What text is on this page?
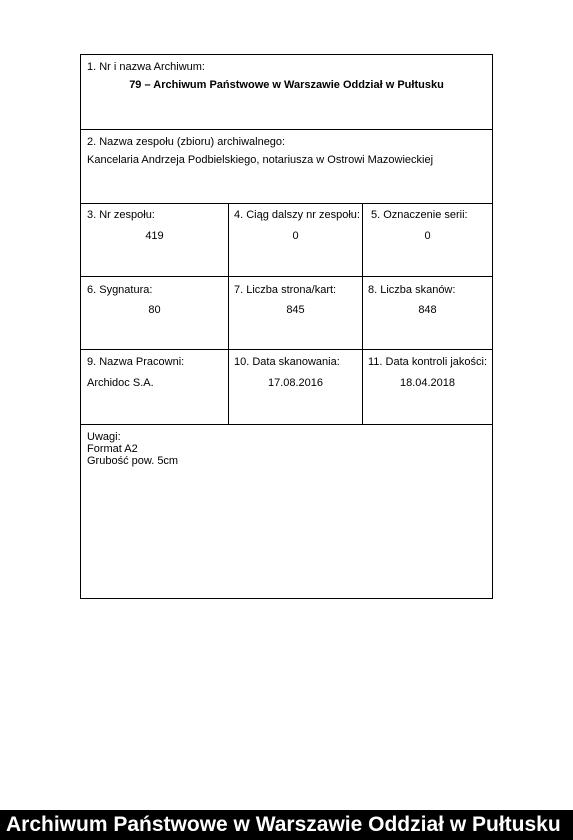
1. Nr i nazwa Archiwum:
79 – Archiwum Państwowe w Warszawie Oddział w Pułtusku
2. Nazwa zespołu (zbioru) archiwalnego:
Kancelaria Andrzeja Podbielskiego, notariusza w Ostrowi Mazowieckiej
3. Nr zespołu:
419
4. Ciąg dalszy nr zespołu:
0
5. Oznaczenie serii:
0
6. Sygnatura:
80
7. Liczba strona/kart:
845
8. Liczba skanów:
848
9. Nazwa Pracowni:
Archidoc S.A.
10. Data skanowania:
17.08.2016
11. Data kontroli jakości:
18.04.2018
Uwagi:
Format A2
Grubość pow. 5cm
Archiwum Państwowe w Warszawie Oddział w Pułtusku
